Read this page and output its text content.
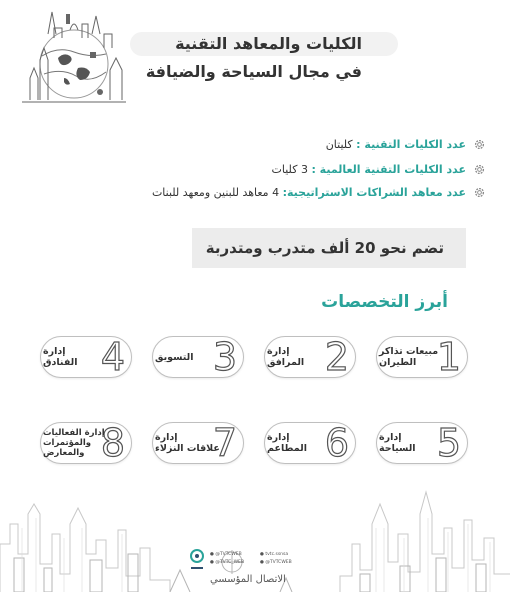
الكليات والمعاهد التقنية
في مجال السياحة والضيافة
عدد الكليات التقنية : كليتان
عدد الكليات التقنية العالمية : 3 كليات
عدد معاهد الشراكات الاستراتيجية: 4 معاهد للبنين ومعهد للبنات
تضم نحو 20 ألف متدرب ومتدربة
أبرز التخصصات
1
مبيعات تذاكر
الطيران
2
إدارة
المرافق
3
التسويق
4
إدارة
الفنادق
5
إدارة
السياحة
6
إدارة
المطاعم
7
إدارة
علاقات النزلاء
8
إدارة الفعاليات
والمؤتمرات
والمعارض
● @TVTCWEB	● tvtc.ssnsa
● @TVTC_WEB	● @TVTCWEB
الاتصال المؤسسي
